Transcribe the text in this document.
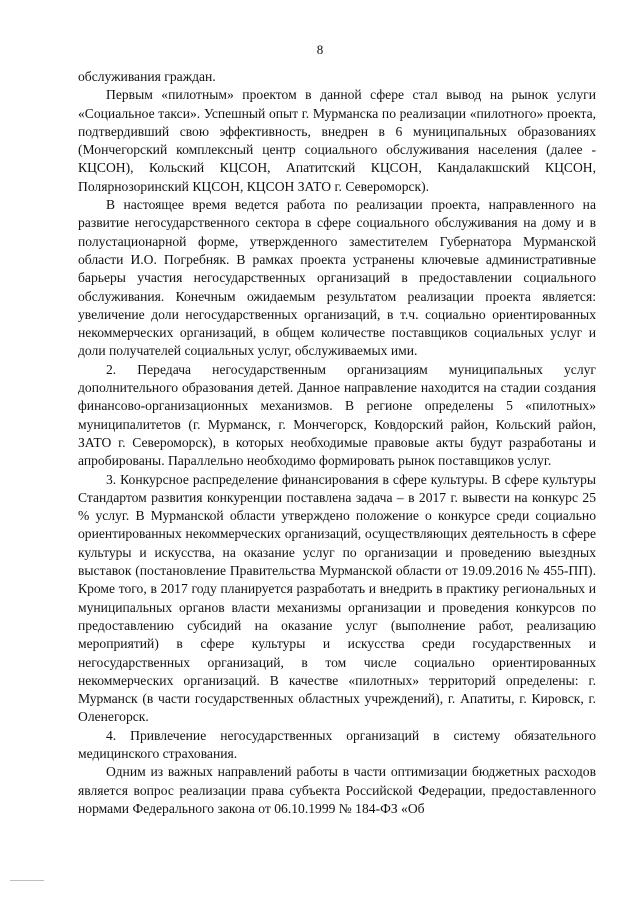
8

обслуживания граждан.

Первым «пилотным» проектом в данной сфере стал вывод на рынок услуги «Социальное такси». Успешный опыт г. Мурманска по реализации «пилотного» проекта, подтвердивший свою эффективность, внедрен в 6 муниципальных образованиях (Мончегорский комплексный центр социального обслуживания населения (далее - КЦСОН), Кольский КЦСОН, Апатитский КЦСОН, Кандалакшский КЦСОН, Полярнозоринский КЦСОН, КЦСОН ЗАТО г. Североморск).

В настоящее время ведется работа по реализации проекта, направленного на развитие негосударственного сектора в сфере социального обслуживания на дому и в полустационарной форме, утвержденного заместителем Губернатора Мурманской области И.О. Погребняк. В рамках проекта устранены ключевые административные барьеры участия негосударственных организаций в предоставлении социального обслуживания. Конечным ожидаемым результатом реализации проекта является: увеличение доли негосударственных организаций, в т.ч. социально ориентированных некоммерческих организаций, в общем количестве поставщиков социальных услуг и доли получателей социальных услуг, обслуживаемых ими.

2. Передача негосударственным организациям муниципальных услуг дополнительного образования детей. Данное направление находится на стадии создания финансово-организационных механизмов. В регионе определены 5 «пилотных» муниципалитетов (г. Мурманск, г. Мончегорск, Ковдорский район, Кольский район, ЗАТО г. Североморск), в которых необходимые правовые акты будут разработаны и апробированы. Параллельно необходимо формировать рынок поставщиков услуг.

3. Конкурсное распределение финансирования в сфере культуры. В сфере культуры Стандартом развития конкуренции поставлена задача – в 2017 г. вывести на конкурс 25 % услуг. В Мурманской области утверждено положение о конкурсе среди социально ориентированных некоммерческих организаций, осуществляющих деятельность в сфере культуры и искусства, на оказание услуг по организации и проведению выездных выставок (постановление Правительства Мурманской области от 19.09.2016 № 455-ПП). Кроме того, в 2017 году планируется разработать и внедрить в практику региональных и муниципальных органов власти механизмы организации и проведения конкурсов по предоставлению субсидий на оказание услуг (выполнение работ, реализацию мероприятий) в сфере культуры и искусства среди государственных и негосударственных организаций, в том числе социально ориентированных некоммерческих организаций. В качестве «пилотных» территорий определены: г. Мурманск (в части государственных областных учреждений), г. Апатиты, г. Кировск, г. Оленегорск.

4. Привлечение негосударственных организаций в систему обязательного медицинского страхования.

Одним из важных направлений работы в части оптимизации бюджетных расходов является вопрос реализации права субъекта Российской Федерации, предоставленного нормами Федерального закона от 06.10.1999 № 184-ФЗ «Об
